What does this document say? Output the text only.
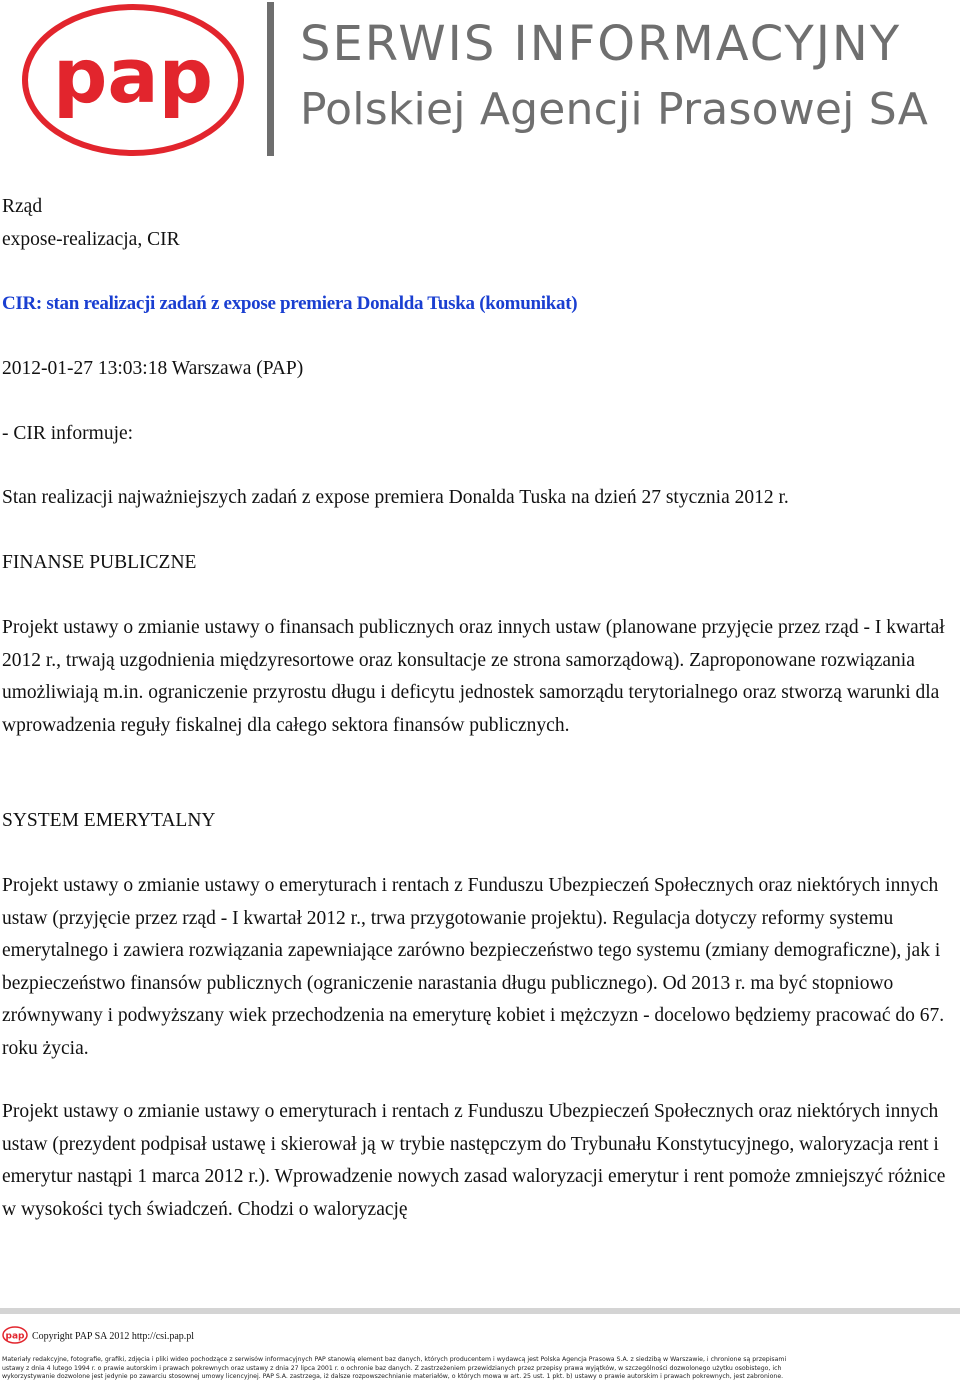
pap SERWIS INFORMACYJNY
Polskiej Agencji Prasowej SA
Rząd
expose-realizacja, CIR
CIR: stan realizacji zadań z expose premiera Donalda Tuska (komunikat)
2012-01-27 13:03:18 Warszawa (PAP)
- CIR informuje:
Stan realizacji najważniejszych zadań z expose premiera Donalda Tuska na dzień 27 stycznia 2012 r.
FINANSE PUBLICZNE

Projekt ustawy o zmianie ustawy o finansach publicznych oraz innych ustaw (planowane przyjęcie przez rząd - I kwartał 2012 r., trwają uzgodnienia międzyresortowe oraz konsultacje ze strona samorządową). Zaproponowane rozwiązania umożliwiają m.in. ograniczenie przyrostu długu i deficytu jednostek samorządu terytorialnego oraz stworzą warunki dla wprowadzenia reguły fiskalnej dla całego sektora finansów publicznych.

SYSTEM EMERYTALNY

Projekt ustawy o zmianie ustawy o emeryturach i rentach z Funduszu Ubezpieczeń Społecznych oraz niektórych innych ustaw (przyjęcie przez rząd - I kwartał 2012 r., trwa przygotowanie projektu). Regulacja dotyczy reformy systemu emerytalnego i zawiera rozwiązania zapewniające zarówno bezpieczeństwo tego systemu (zmiany demograficzne), jak i bezpieczeństwo finansów publicznych (ograniczenie narastania długu publicznego). Od 2013 r. ma być stopniowo zrównywany i podwyższany wiek przechodzenia na emeryturę kobiet i mężczyzn - docelowo będziemy pracować do 67. roku życia.

Projekt ustawy o zmianie ustawy o emeryturach i rentach z Funduszu Ubezpieczeń Społecznych oraz niektórych innych ustaw (prezydent podpisał ustawę i skierował ją w trybie następczym do Trybunału Konstytucyjnego, waloryzacja rent i emerytur nastąpi 1 marca 2012 r.). Wprowadzenie nowych zasad waloryzacji emerytur i rent pomoże zmniejszyć różnice w wysokości tych świadczeń. Chodzi o waloryzację

pap Copyright PAP SA 2012 http://csi.pap.pl
Materiały redakcyjne, fotografie, grafiki, zdjęcia i pliki wideo pochodzące z serwisów informacyjnych PAP stanowią element baz danych, których producentem i wydawcą jest Polska Agencja Prasowa S.A. z siedzibą w Warszawie, i chronione są przepisami
ustawy z dnia 4 lutego 1994 r. o prawie autorskim i prawach pokrewnych oraz ustawy z dnia 27 lipca 2001 r. o ochronie baz danych. Z zastrzeżeniem przewidzianych przez przepisy prawa wyjątków, w szczególności dozwolonego użytku osobistego, ich
wykorzystywanie dozwolone jest jedynie po zawarciu stosownej umowy licencyjnej. PAP S.A. zastrzega, iż dalsze rozpowszechnianie materiałów, o których mowa w art. 25 ust. 1 pkt. b) ustawy o prawie autorskim i prawach pokrewnych, jest zabronione.
